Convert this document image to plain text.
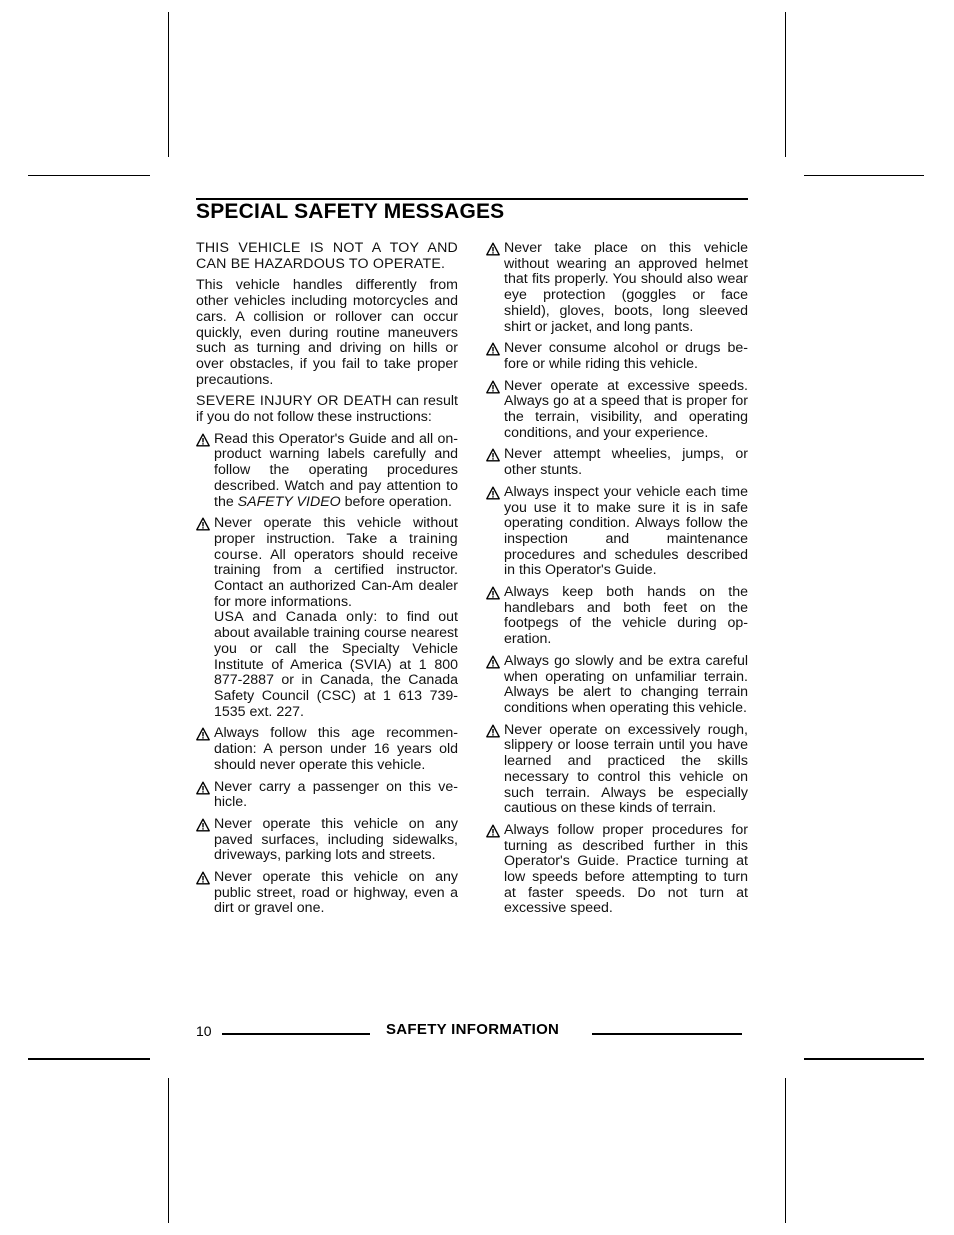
SPECIAL SAFETY MESSAGES

THIS VEHICLE IS NOT A TOY AND CAN BE HAZARDOUS TO OPERATE.

This vehicle handles differently from other vehicles including motorcycles and cars. A collision or rollover can occur quickly, even during routine maneuvers such as turning and driving on hills or over obstacles, if you fail to take proper precautions.

SEVERE INJURY OR DEATH can result if you do not follow these instructions:

Read this Operator's Guide and all on-product warning labels carefully and follow the operating procedures described. Watch and pay attention to the SAFETY VIDEO before operation.
Never operate this vehicle without proper instruction. Take a training course. All operators should receive training from a certified instructor. Contact an authorized Can-Am dealer for more informations.
USA and Canada only: to find out about available training course nearest you or call the Specialty Vehicle Institute of America (SVIA) at 1 800 877-2887 or in Canada, the Canada Safety Council (CSC) at 1 613 739-1535 ext. 227.
Always follow this age recommendation: A person under 16 years old should never operate this vehicle.
Never carry a passenger on this vehicle.
Never operate this vehicle on any paved surfaces, including sidewalks, driveways, parking lots and streets.
Never operate this vehicle on any public street, road or highway, even a dirt or gravel one.
Never take place on this vehicle without wearing an approved helmet that fits properly. You should also wear eye protection (goggles or face shield), gloves, boots, long sleeved shirt or jacket, and long pants.
Never consume alcohol or drugs before or while riding this vehicle.
Never operate at excessive speeds. Always go at a speed that is proper for the terrain, visibility, and operating conditions, and your experience.
Never attempt wheelies, jumps, or other stunts.
Always inspect your vehicle each time you use it to make sure it is in safe operating condition. Always follow the inspection and maintenance procedures and schedules described in this Operator's Guide.
Always keep both hands on the handlebars and both feet on the footpegs of the vehicle during operation.
Always go slowly and be extra careful when operating on unfamiliar terrain. Always be alert to changing terrain conditions when operating this vehicle.
Never operate on excessively rough, slippery or loose terrain until you have learned and practiced the skills necessary to control this vehicle on such terrain. Always be especially cautious on these kinds of terrain.
Always follow proper procedures for turning as described further in this Operator's Guide. Practice turning at low speeds before attempting to turn at faster speeds. Do not turn at excessive speed.
10	SAFETY INFORMATION
